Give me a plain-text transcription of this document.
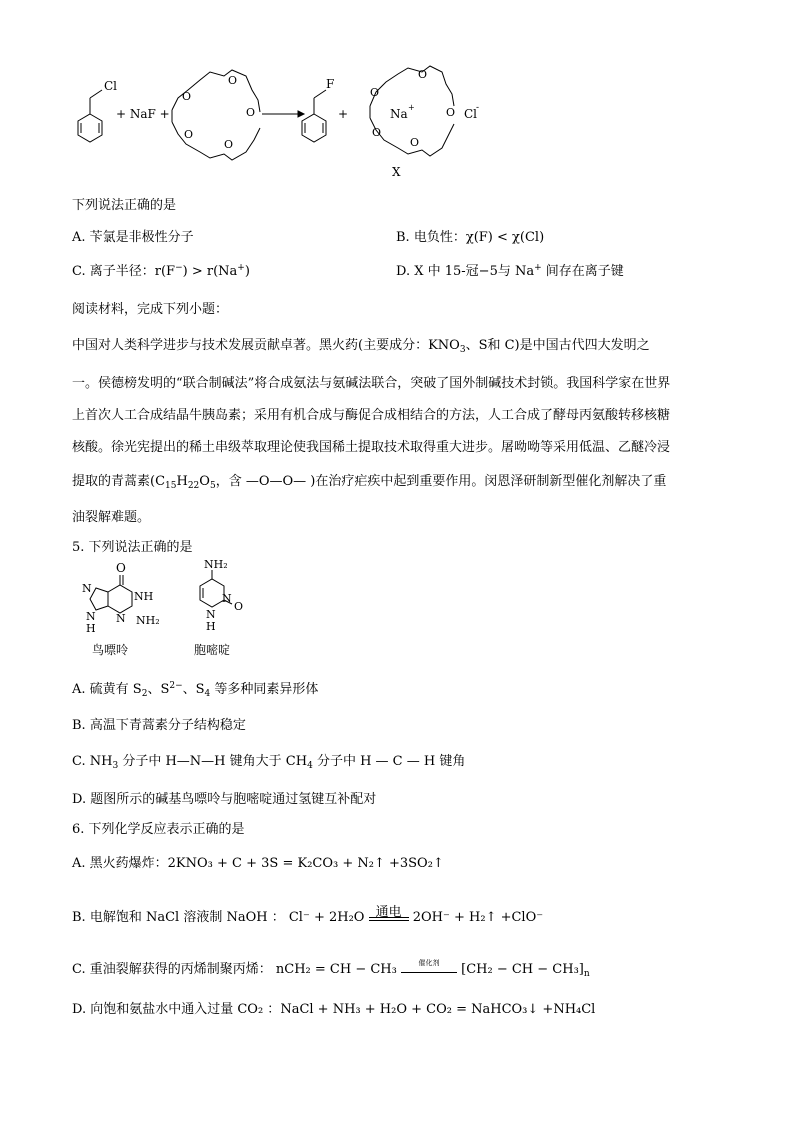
Cl
+ NaF +
O
O
O
O
O
F
+
O
O
O
O
O
Na +	Cl
-
X
下列说法正确的是
A. 苄氯是非极性分子	B. 电负性：χ(F) < χ(Cl)
C. 离子半径：r(F−) > r(Na+)	D. X 中 15-冠−5与 Na+ 间存在离子键
阅读材料，完成下列小题：
中国对人类科学进步与技术发展贡献卓著。黑火药(主要成分：$KNO_3$、S和 C)是中国古代四大发明之
一。侯德榜发明的“联合制碱法”将合成氨法与氨碱法联合，突破了国外制碱技术封锁。我国科学家在世界
上首次人工合成结晶牛胰岛素；采用有机合成与酶促合成相结合的方法，人工合成了酵母丙氨酸转移核糖
核酸。徐光宪提出的稀土串级萃取理论使我国稀土提取技术取得重大进步。屠呦呦等采用低温、乙醚冷浸
提取的青蒿素($C_{15}H_{22}O_5$，含 —O—O— )在治疗疟疾中起到重要作用。闵恩泽研制新型催化剂解决了重
油裂解难题。
5. 下列说法正确的是
O
N
NH
N
H
N NH₂
鸟嘌呤
NH₂
N
O
N
H
胞嘧啶
A. 硫黄有 $S_2$、$S^{2-}$、$S_4$ 等多种同素异形体
B. 高温下青蒿素分子结构稳定
C. $NH_3$ 分子中 H—N—H 键角大于 $CH_4$ 分子中 H — C — H 键角
D. 题图所示的碱基鸟嘌呤与胞嘧啶通过氢键互补配对
6. 下列化学反应表示正确的是
A. 黑火药爆炸：2KNO₃ + C + 3S = K₂CO₃ + N₂↑ +3SO₂↑
B. 电解饱和 NaCl 溶液制 NaOH ： Cl⁻ + 2H₂O 通电 2OH⁻ + H₂↑ +ClO⁻
C. 重油裂解获得的丙烯制聚丙烯： nCH₂ = CH − CH₃	催化剂	[CH₂ − CH − $CH_3]_n$
D. 向饱和氨盐水中通入过量 CO₂ ：NaCl + NH₃ + H₂O + CO₂ = NaHCO₃↓ +NH₄Cl
